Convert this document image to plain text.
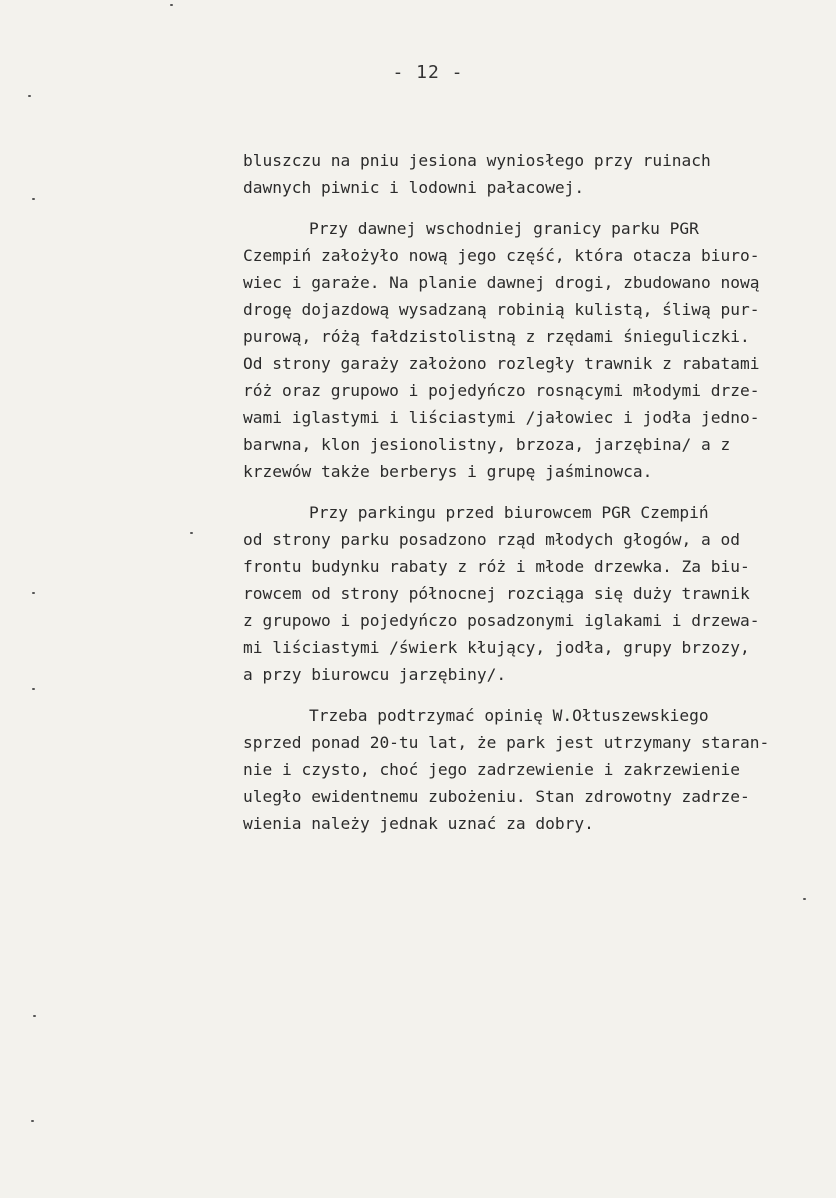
- 12 -
bluszczu na pniu jesiona wyniosłego przy ruinach
dawnych piwnic i lodowni pałacowej.
Przy dawnej wschodniej granicy parku PGR
Czempiń założyło nową jego część, która otacza biuro-
wiec i garaże. Na planie dawnej drogi, zbudowano nową
drogę dojazdową wysadzaną robinią kulistą, śliwą pur-
purową, różą fałdzistolistną z rzędami śnieguliczki.
Od strony garaży założono rozległy trawnik z rabatami
róż oraz grupowo i pojedyńczo rosnącymi młodymi drze-
wami iglastymi i liściastymi /jałowiec i jodła jedno-
barwna, klon jesionolistny, brzoza, jarzębina/ a z
krzewów także berberys i grupę jaśminowca.
Przy parkingu przed biurowcem PGR Czempiń
od strony parku posadzono rząd młodych głogów, a od
frontu budynku rabaty z róż i młode drzewka. Za biu-
rowcem od strony północnej rozciąga się duży trawnik
z grupowo i pojedyńczo posadzonymi iglakami i drzewa-
mi liściastymi /świerk kłujący, jodła, grupy brzozy,
a przy biurowcu jarzębiny/.
Trzeba podtrzymać opinię W.Ołtuszewskiego
sprzed ponad 20-tu lat, że park jest utrzymany staran-
nie i czysto, choć jego zadrzewienie i zakrzewienie
uległo ewidentnemu zubożeniu. Stan zdrowotny zadrze-
wienia należy jednak uznać za dobry.
